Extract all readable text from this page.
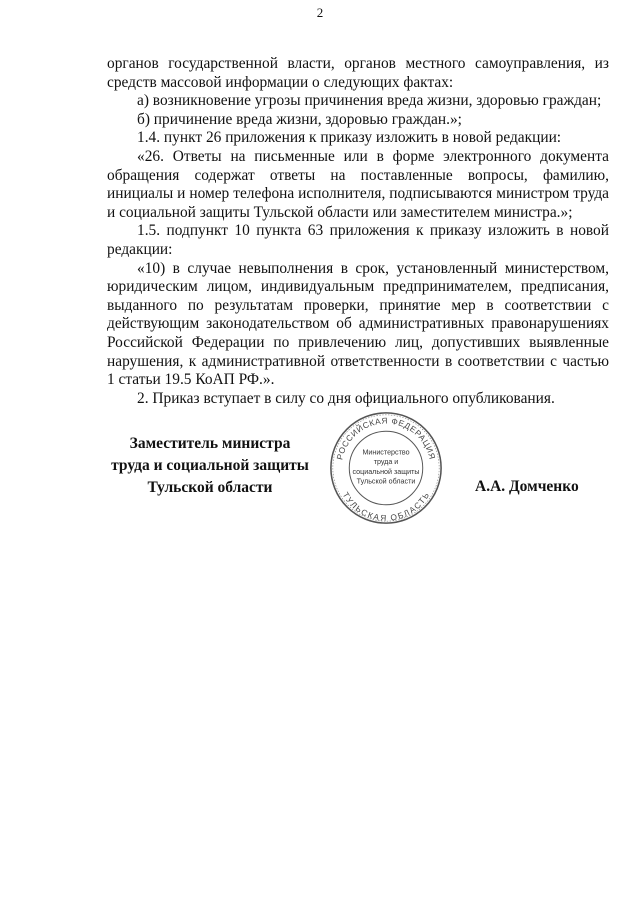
2

органов государственной власти, органов местного самоуправления, из средств массовой информации о следующих фактах:

а) возникновение угрозы причинения вреда жизни, здоровью граждан;

б) причинение вреда жизни, здоровью граждан.»;

1.4. пункт 26 приложения к приказу изложить в новой редакции:

«26. Ответы на письменные или в форме электронного документа обращения содержат ответы на поставленные вопросы, фамилию, инициалы и номер телефона исполнителя, подписываются министром труда и социальной защиты Тульской области или заместителем министра.»;

1.5. подпункт 10 пункта 63 приложения к приказу изложить в новой редакции:

«10) в случае невыполнения в срок, установленный министерством, юридическим лицом, индивидуальным предпринимателем, предписания, выданного по результатам проверки, принятие мер в соответствии с действующим законодательством об административных правонарушениях Российской Федерации по привлечению лиц, допустивших выявленные нарушения, к административной ответственности в соответствии с частью 1 статьи 19.5 КоАП РФ.».

2. Приказ вступает в силу со дня официального опубликования.

Заместитель министра
труда и социальной защиты
Тульской области
РОССИЙСКАЯ ФЕДЕРАЦИЯ
ТУЛЬСКАЯ ОБЛАСТЬ
Министерство
труда и
социальной защиты
Тульской области	А.А. Домченко
